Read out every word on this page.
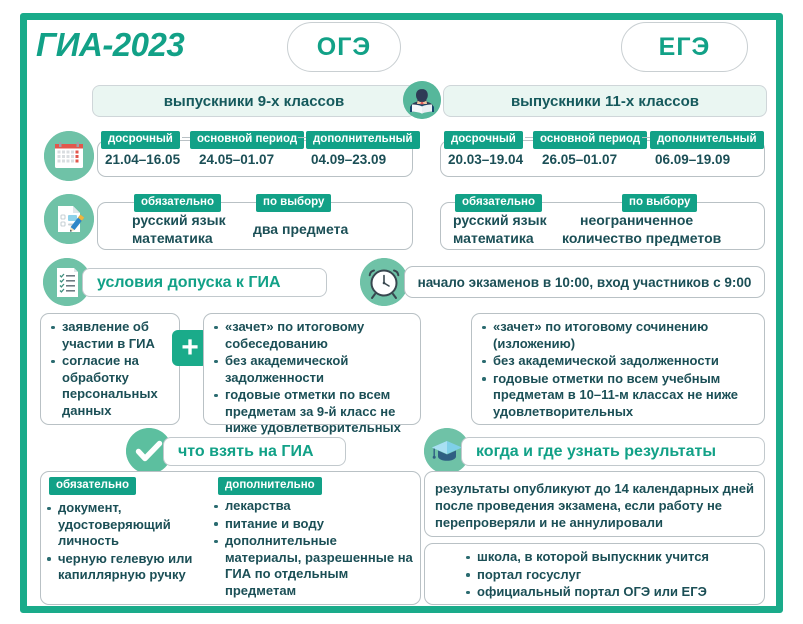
ГИА-2023	ОГЭ	ЕГЭ
выпускники 9-х классов	выпускники 11-х классов
досрочный	основной период	дополнительный
21.04–16.05 24.05–01.07	04.09–23.09
досрочный	основной период	дополнительный
20.03–19.04 26.05–01.07	06.09–19.09
обязательно	по выбору
русский язык
математика
два предмета
обязательно	по выбору
русский язык
математика
неограниченное
количество предметов
условия допуска к ГИА	начало экзаменов в 10:00, вход участников с 9:00
заявление об участии в ГИА
согласие на обработку персональных данных
+
«зачет» по итоговому собеседованию
без академической задолженности
годовые отметки по всем предметам за 9-й класс не ниже удовлетворительных
«зачет» по итоговому сочинению (изложению)
без академической задолженности
годовые отметки по всем учебным предметам в 10–11-м классах не ниже удовлетворительных
что взять на ГИА	когда и где узнать результаты
обязательно
документ, удостоверяющий личность
черную гелевую или капиллярную ручку
дополнительно
лекарства
питание и воду
дополнительные материалы, разрешенные на ГИА по отдельным предметам
результаты опубликуют до 14 календарных дней после проведения экзамена, если работу не перепроверяли и не аннулировали
школа, в которой выпускник учится
портал госуслуг
официальный портал ОГЭ или ЕГЭ
